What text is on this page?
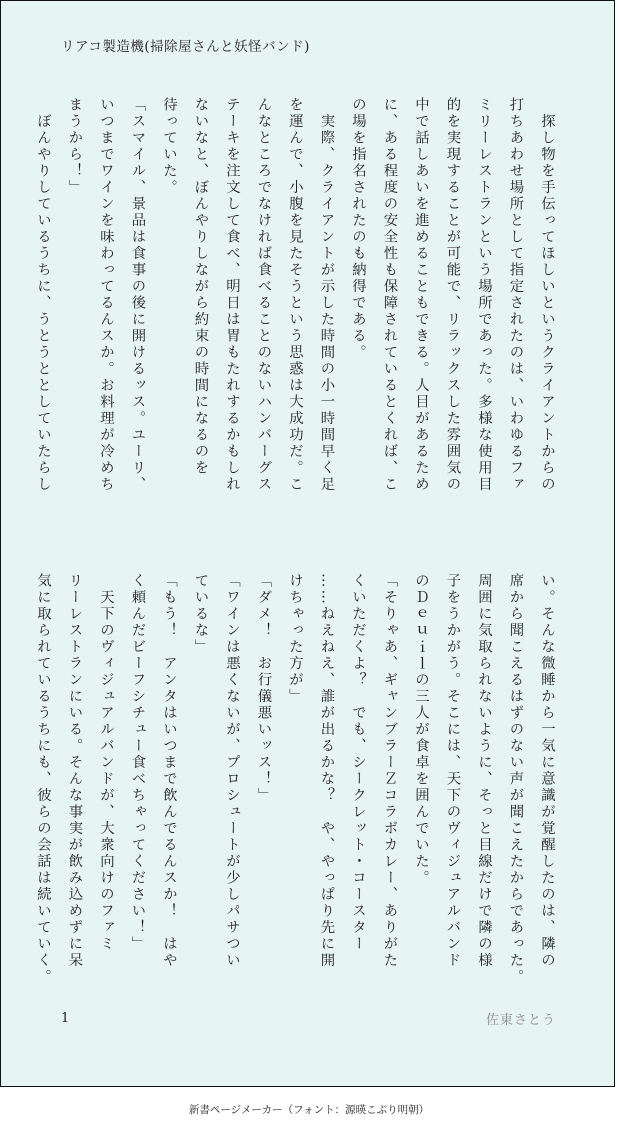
リアコ製造機(掃除屋さんと妖怪バンド)
　探し物を手伝ってほしいというクライアントからの
打ちあわせ場所として指定されたのは、いわゆるファ
ミリーレストランという場所であった。多様な使用目
的を実現することが可能で、リラックスした雰囲気の
中で話しあいを進めることもできる。人目があるため
に、ある程度の安全性も保障されているとくれば、こ
の場を指名されたのも納得である。
　実際、クライアントが示した時間の小一時間早く足
を運んで、小腹を見たそうという思惑は大成功だ。こ
んなところでなければ食べることのないハンバーグス
テーキを注文して食べ、明日は胃もたれするかもしれ
ないなと、ぼんやりしながら約束の時間になるのを
待っていた。
「スマイル、景品は食事の後に開けるッス。ユーリ、
いつまでワインを味わってるんスか。お料理が冷めち
まうから！」
　ぼんやりしているうちに、うとうととしていたらし
い。そんな微睡から一気に意識が覚醒したのは、隣の
席から聞こえるはずのない声が聞こえたからであった。
周囲に気取られないように、そっと目線だけで隣の様
子をうかがう。そこには、天下のヴィジュアルバンド
のＤｅｕｉｌの三人が食卓を囲んでいた。
「そりゃあ、ギャンブラーＺコラボカレー、ありがた
くいただくよ？　でも、シークレット・コースター
……ねえねえ、誰が出るかな？　や、やっぱり先に開
けちゃった方が」
「ダメ！　お行儀悪いッス！」
「ワインは悪くないが、プロシュートが少しパサつい
ているな」
「もう！　アンタはいつまで飲んでるんスか！　はや
く頼んだビーフシチュー食べちゃってください！」
　天下のヴィジュアルバンドが、大衆向けのファミ
リーレストランにいる。そんな事実が飲み込めずに呆
気に取られているうちにも、彼らの会話は続いていく。
1	佐東さとう
新書ページメーカー（フォント：源暎こぶり明朝）
